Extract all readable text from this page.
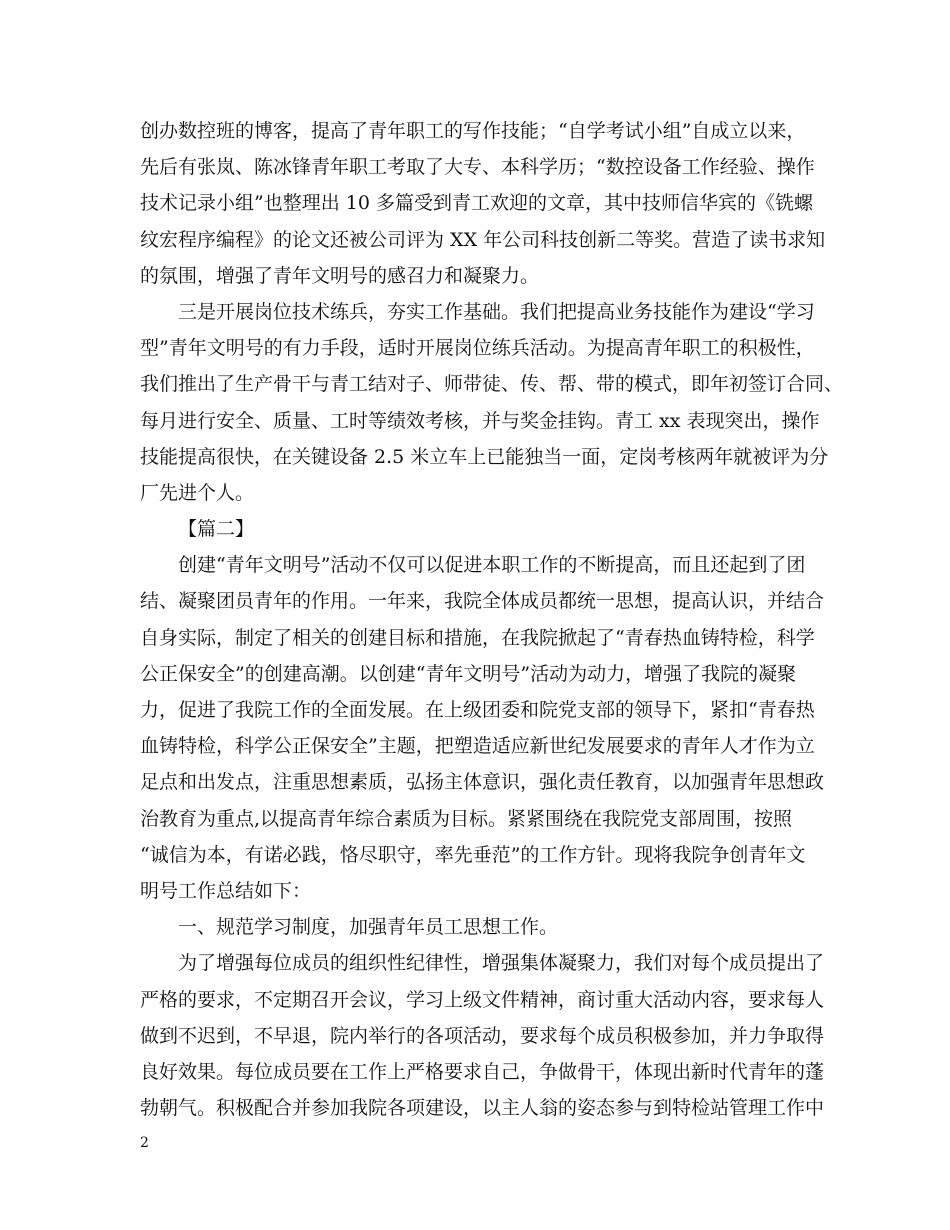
创办数控班的博客，提高了青年职工的写作技能；“自学考试小组”自成立以来，
先后有张岚、陈冰锋青年职工考取了大专、本科学历；“数控设备工作经验、操作
技术记录小组”也整理出 10 多篇受到青工欢迎的文章，其中技师信华宾的《铣螺
纹宏程序编程》的论文还被公司评为 XX 年公司科技创新二等奖。营造了读书求知
的氛围，增强了青年文明号的感召力和凝聚力。
三是开展岗位技术练兵，夯实工作基础。我们把提高业务技能作为建设“学习
型”青年文明号的有力手段，适时开展岗位练兵活动。为提高青年职工的积极性，
我们推出了生产骨干与青工结对子、师带徒、传、帮、带的模式，即年初签订合同、
每月进行安全、质量、工时等绩效考核，并与奖金挂钩。青工 xx 表现突出，操作
技能提高很快，在关键设备 2.5 米立车上已能独当一面，定岗考核两年就被评为分
厂先进个人。
【篇二】
创建“青年文明号”活动不仅可以促进本职工作的不断提高，而且还起到了团
结、凝聚团员青年的作用。一年来，我院全体成员都统一思想，提高认识，并结合
自身实际，制定了相关的创建目标和措施，在我院掀起了“青春热血铸特检，科学
公正保安全”的创建高潮。以创建“青年文明号”活动为动力，增强了我院的凝聚
力，促进了我院工作的全面发展。在上级团委和院党支部的领导下，紧扣“青春热
血铸特检，科学公正保安全”主题，把塑造适应新世纪发展要求的青年人才作为立
足点和出发点，注重思想素质，弘扬主体意识，强化责任教育，以加强青年思想政
治教育为重点,以提高青年综合素质为目标。紧紧围绕在我院党支部周围，按照
“诚信为本，有诺必践，恪尽职守，率先垂范”的工作方针。现将我院争创青年文
明号工作总结如下：
一、规范学习制度，加强青年员工思想工作。
为了增强每位成员的组织性纪律性，增强集体凝聚力，我们对每个成员提出了
严格的要求，不定期召开会议，学习上级文件精神，商讨重大活动内容，要求每人
做到不迟到，不早退，院内举行的各项活动，要求每个成员积极参加，并力争取得
良好效果。每位成员要在工作上严格要求自己，争做骨干，体现出新时代青年的蓬
勃朝气。积极配合并参加我院各项建设，以主人翁的姿态参与到特检站管理工作中
2
